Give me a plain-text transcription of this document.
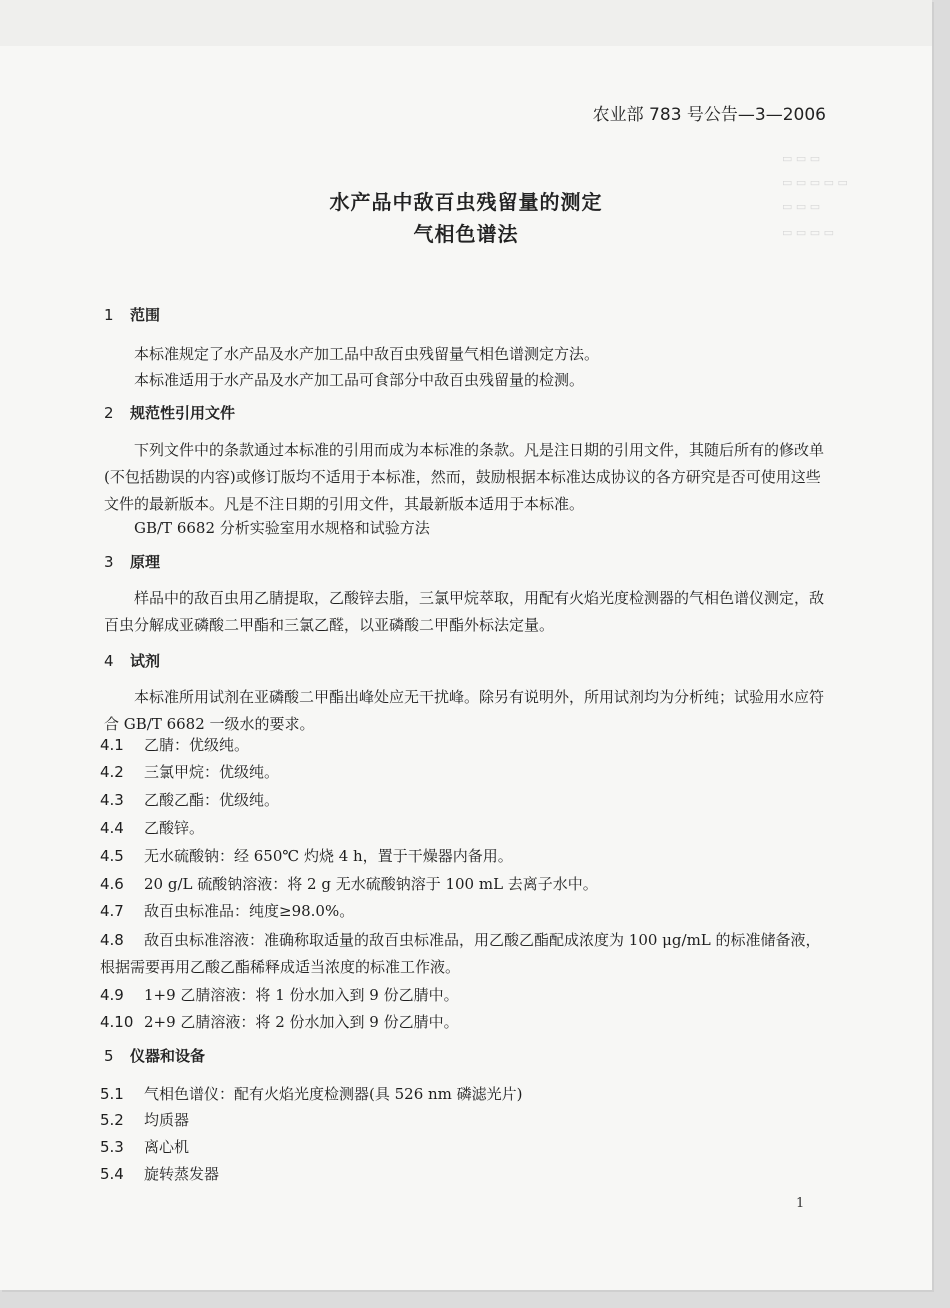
▭ ▭ ▭
▭ ▭ ▭ ▭ ▭
▭ ▭ ▭
▭ ▭ ▭ ▭
农业部 783 号公告—3—2006
水产品中敌百虫残留量的测定
气相色谱法
1 范围
本标准规定了水产品及水产加工品中敌百虫残留量气相色谱测定方法。
本标准适用于水产品及水产加工品可食部分中敌百虫残留量的检测。
2 规范性引用文件
下列文件中的条款通过本标准的引用而成为本标准的条款。凡是注日期的引用文件，其随后所有的修改单(不包括勘误的内容)或修订版均不适用于本标准，然而，鼓励根据本标准达成协议的各方研究是否可使用这些文件的最新版本。凡是不注日期的引用文件，其最新版本适用于本标准。
GB/T 6682 分析实验室用水规格和试验方法
3 原理
样品中的敌百虫用乙腈提取，乙酸锌去脂，三氯甲烷萃取，用配有火焰光度检测器的气相色谱仪测定，敌百虫分解成亚磷酸二甲酯和三氯乙醛，以亚磷酸二甲酯外标法定量。
4 试剂
本标准所用试剂在亚磷酸二甲酯出峰处应无干扰峰。除另有说明外，所用试剂均为分析纯；试验用水应符合 GB/T 6682 一级水的要求。
4.1 乙腈：优级纯。
4.2 三氯甲烷：优级纯。
4.3 乙酸乙酯：优级纯。
4.4 乙酸锌。
4.5 无水硫酸钠：经 650℃ 灼烧 4 h，置于干燥器内备用。
4.6 20 g/L 硫酸钠溶液：将 2 g 无水硫酸钠溶于 100 mL 去离子水中。
4.7 敌百虫标准品：纯度≥98.0%。
4.8 敌百虫标准溶液：准确称取适量的敌百虫标准品，用乙酸乙酯配成浓度为 100 μg/mL 的标准储备液，根据需要再用乙酸乙酯稀释成适当浓度的标准工作液。
4.9 1+9 乙腈溶液：将 1 份水加入到 9 份乙腈中。
4.10 2+9 乙腈溶液：将 2 份水加入到 9 份乙腈中。
5 仪器和设备
5.1 气相色谱仪：配有火焰光度检测器(具 526 nm 磷滤光片)
5.2 均质器
5.3 离心机
5.4 旋转蒸发器
1
